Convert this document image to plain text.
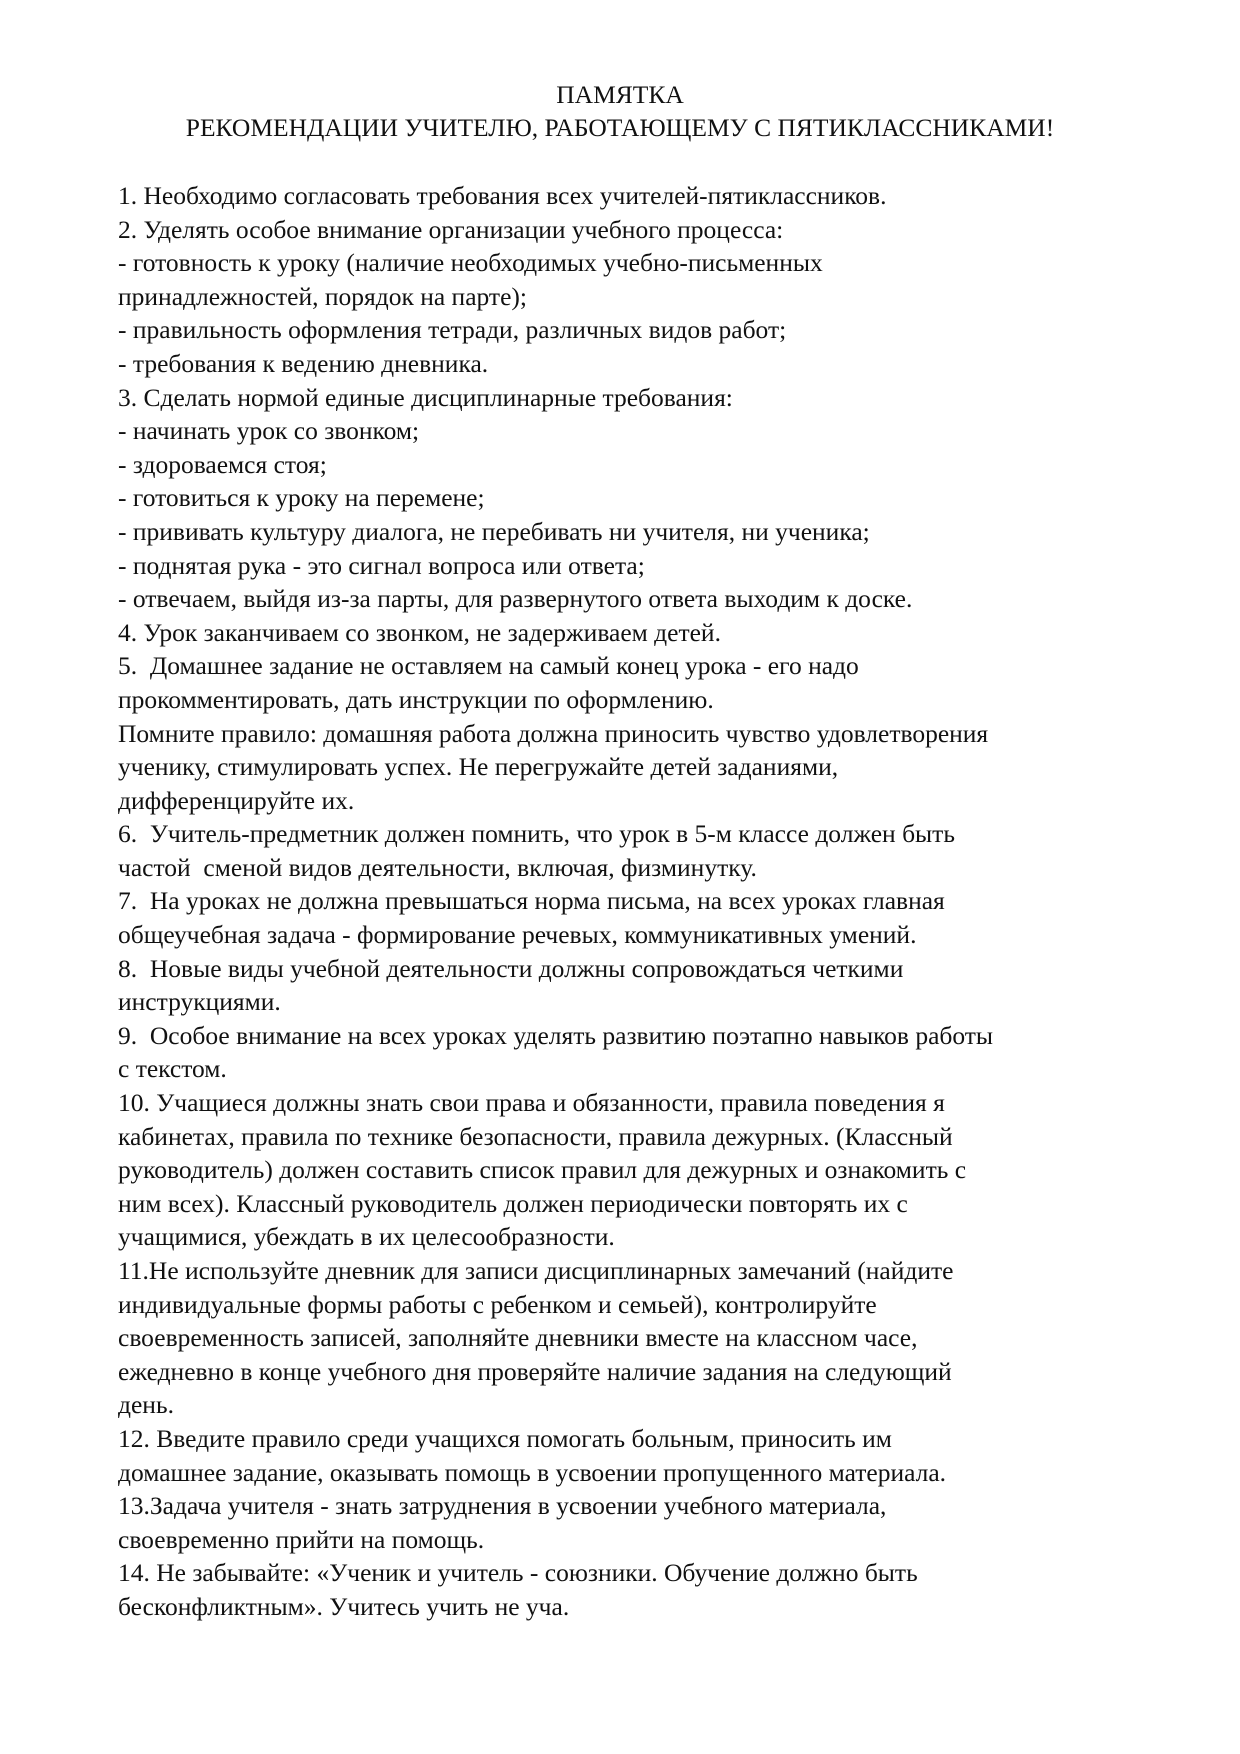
ПАМЯТКА
РЕКОМЕНДАЦИИ УЧИТЕЛЮ, РАБОТАЮЩЕМУ С ПЯТИКЛАССНИКАМИ!
1. Необходимо согласовать требования всех учителей-пятиклассников.
2. Уделять особое внимание организации учебного процесса:
- готовность к уроку (наличие необходимых учебно-письменных
принадлежностей, порядок на парте);
- правильность оформления тетради, различных видов работ;
- требования к ведению дневника.
3. Сделать нормой единые дисциплинарные требования:
- начинать урок со звонком;
- здороваемся стоя;
- готовиться к уроку на перемене;
- прививать культуру диалога, не перебивать ни учителя, ни ученика;
- поднятая рука - это сигнал вопроса или ответа;
- отвечаем, выйдя из-за парты, для развернутого ответа выходим к доске.
4. Урок заканчиваем со звонком, не задерживаем детей.
5.  Домашнее задание не оставляем на самый конец урока - его надо
прокомментировать, дать инструкции по оформлению.
Помните правило: домашняя работа должна приносить чувство удовлетворения
ученику, стимулировать успех. Не перегружайте детей заданиями,
дифференцируйте их.
6.  Учитель-предметник должен помнить, что урок в 5-м классе должен быть
частой  сменой видов деятельности, включая, физминутку.
7.  На уроках не должна превышаться норма письма, на всех уроках главная
общеучебная задача - формирование речевых, коммуникативных умений.
8.  Новые виды учебной деятельности должны сопровождаться четкими
инструкциями.
9.  Особое внимание на всех уроках уделять развитию поэтапно навыков работы
с текстом.
10. Учащиеся должны знать свои права и обязанности, правила поведения я
кабинетах, правила по технике безопасности, правила дежурных. (Классный
руководитель) должен составить список правил для дежурных и ознакомить с
ним всех). Классный руководитель должен периодически повторять их с
учащимися, убеждать в их целесообразности.
11.Не используйте дневник для записи дисциплинарных замечаний (найдите
индивидуальные формы работы с ребенком и семьей), контролируйте
своевременность записей, заполняйте дневники вместе на классном часе,
ежедневно в конце учебного дня проверяйте наличие задания на следующий
день.
12. Введите правило среди учащихся помогать больным, приносить им
домашнее задание, оказывать помощь в усвоении пропущенного материала.
13.Задача учителя - знать затруднения в усвоении учебного материала,
своевременно прийти на помощь.
14. Не забывайте: «Ученик и учитель - союзники. Обучение должно быть
бесконфликтным». Учитесь учить не уча.
